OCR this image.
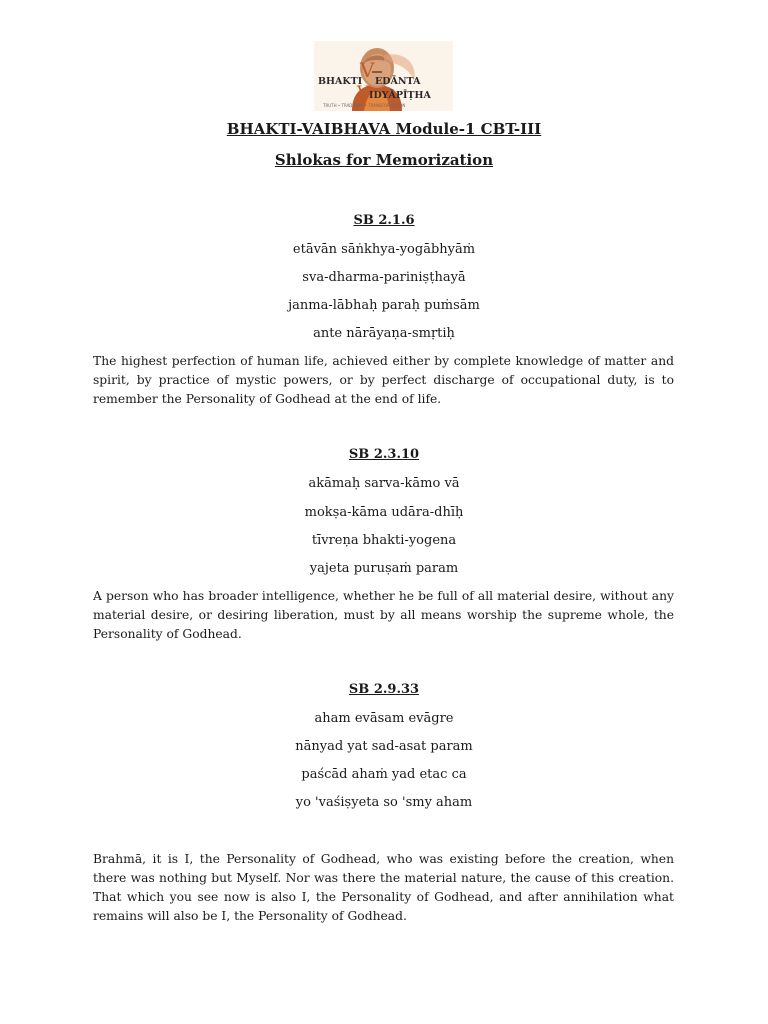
BHAKTI
V EDĀNTA
V IDYĀPĪṬHA
TRUTH • TRADITION • TRANSFORMATION
BHAKTI-VAIBHAVA Module-1 CBT-III
Shlokas for Memorization
SB 2.1.6
etāvān sāṅkhya-yogābhyāṁ
sva-dharma-pariniṣṭhayā
janma-lābhaḥ paraḥ puṁsām
ante nārāyaṇa-smṛtiḥ

The highest perfection of human life, achieved either by complete knowledge of matter and spirit, by practice of mystic powers, or by perfect discharge of occupational duty, is to remember the Personality of Godhead at the end of life.

SB 2.3.10
akāmaḥ sarva-kāmo vā
mokṣa-kāma udāra-dhīḥ
tīvreṇa bhakti-yogena
yajeta puruṣaṁ param

A person who has broader intelligence, whether he be full of all material desire, without any material desire, or desiring liberation, must by all means worship the supreme whole, the Personality of Godhead.

SB 2.9.33
aham evāsam evāgre
nānyad yat sad-asat param
paścād ahaṁ yad etac ca
yo 'vaśiṣyeta so 'smy aham

Brahmā, it is I, the Personality of Godhead, who was existing before the creation, when there was nothing but Myself. Nor was there the material nature, the cause of this creation. That which you see now is also I, the Personality of Godhead, and after annihilation what remains will also be I, the Personality of Godhead.
